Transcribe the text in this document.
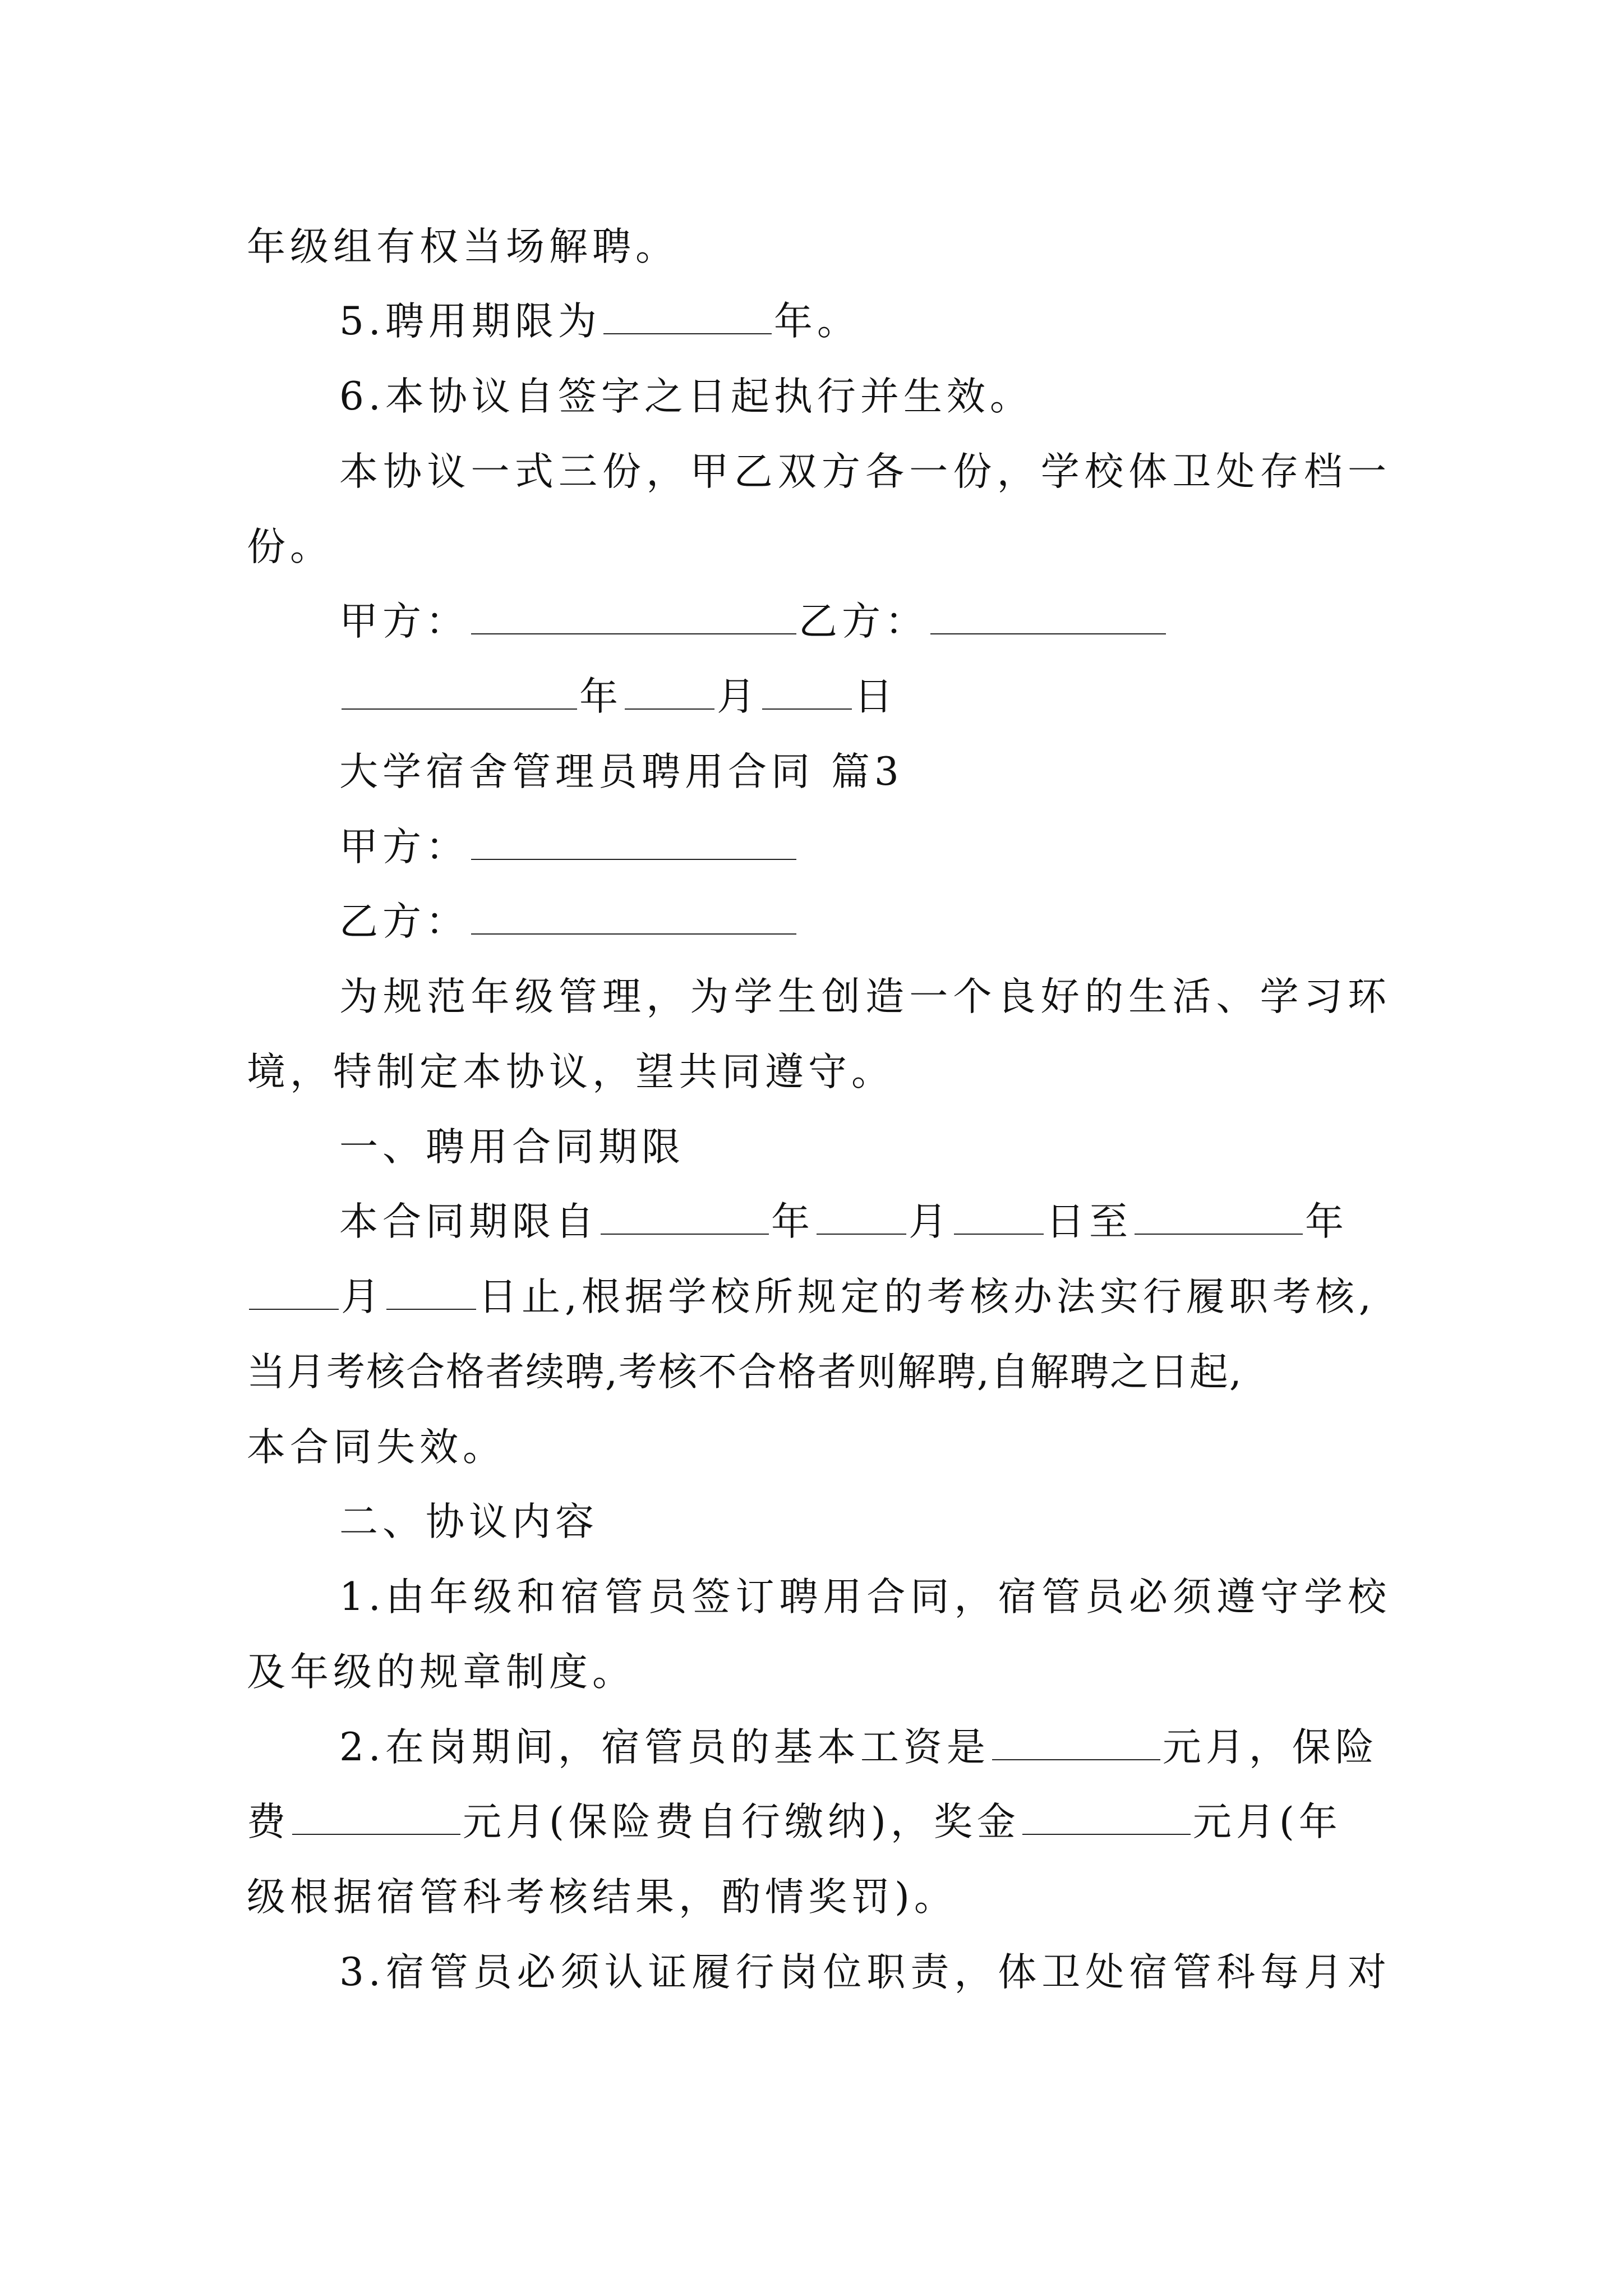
年级组有权当场解聘。
5.聘用期限为	年。
6.本协议自签字之日起执行并生效。
本协议一式三份，甲乙双方各一份，学校体卫处存档一
份。
甲方：	乙方：
年 月 日
大学宿舍管理员聘用合同 篇3
甲方：
乙方：
为规范年级管理，为学生创造一个良好的生活、学习环
境，特制定本协议，望共同遵守。
一、聘用合同期限
本合同期限自	年 月 日至	年
月 日止,根据学校所规定的考核办法实行履职考核,
当月考核合格者续聘,考核不合格者则解聘,自解聘之日起,
本合同失效。
二、协议内容
1.由年级和宿管员签订聘用合同，宿管员必须遵守学校
及年级的规章制度。
2.在岗期间，宿管员的基本工资是	元月，保险
费	元月(保险费自行缴纳)，奖金	元月(年
级根据宿管科考核结果，酌情奖罚)。
3.宿管员必须认证履行岗位职责，体卫处宿管科每月对
